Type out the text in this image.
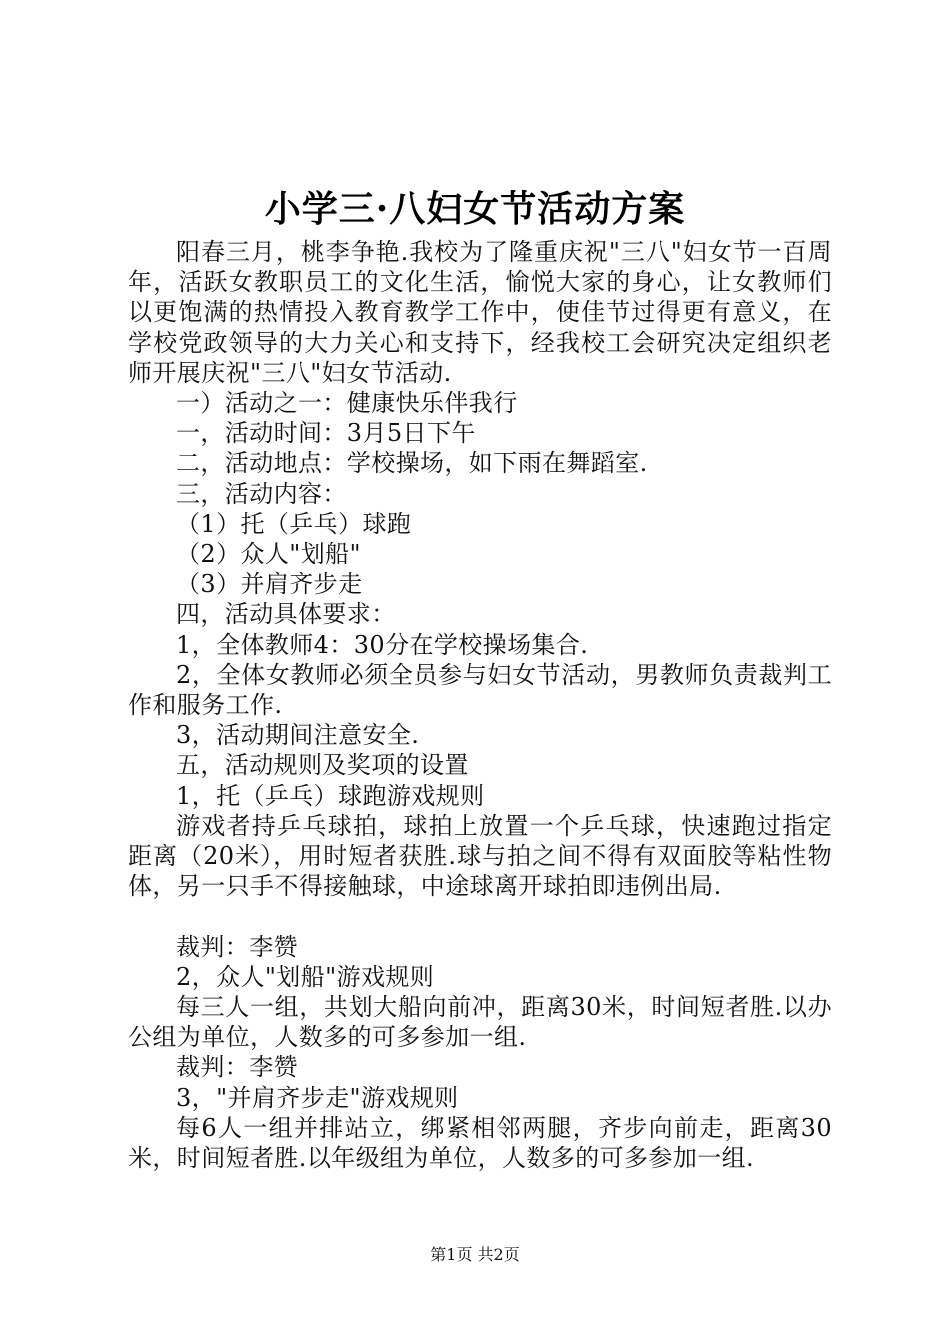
小学三·八妇女节活动方案

阳春三月，桃李争艳.我校为了隆重庆祝"三八"妇女节一百周年，活跃女教职员工的文化生活，愉悦大家的身心，让女教师们以更饱满的热情投入教育教学工作中，使佳节过得更有意义，在学校党政领导的大力关心和支持下，经我校工会研究决定组织老师开展庆祝"三八"妇女节活动.

一）活动之一：健康快乐伴我行

一，活动时间：3月5日下午

二，活动地点：学校操场，如下雨在舞蹈室.

三，活动内容：

（1）托（乒乓）球跑

（2）众人"划船"

（3）并肩齐步走

四，活动具体要求：

1，全体教师4：30分在学校操场集合.

2，全体女教师必须全员参与妇女节活动，男教师负责裁判工作和服务工作.

3，活动期间注意安全.

五，活动规则及奖项的设置

1，托（乒乓）球跑游戏规则

游戏者持乒乓球拍，球拍上放置一个乒乓球，快速跑过指定距离（20米），用时短者获胜.球与拍之间不得有双面胶等粘性物体，另一只手不得接触球，中途球离开球拍即违例出局.

裁判：李赞

2，众人"划船"游戏规则

每三人一组，共划大船向前冲，距离30米，时间短者胜.以办公组为单位，人数多的可多参加一组.

裁判：李赞

3，"并肩齐步走"游戏规则

每6人一组并排站立，绑紧相邻两腿，齐步向前走，距离30米，时间短者胜.以年级组为单位，人数多的可多参加一组.

第1页 共2页
